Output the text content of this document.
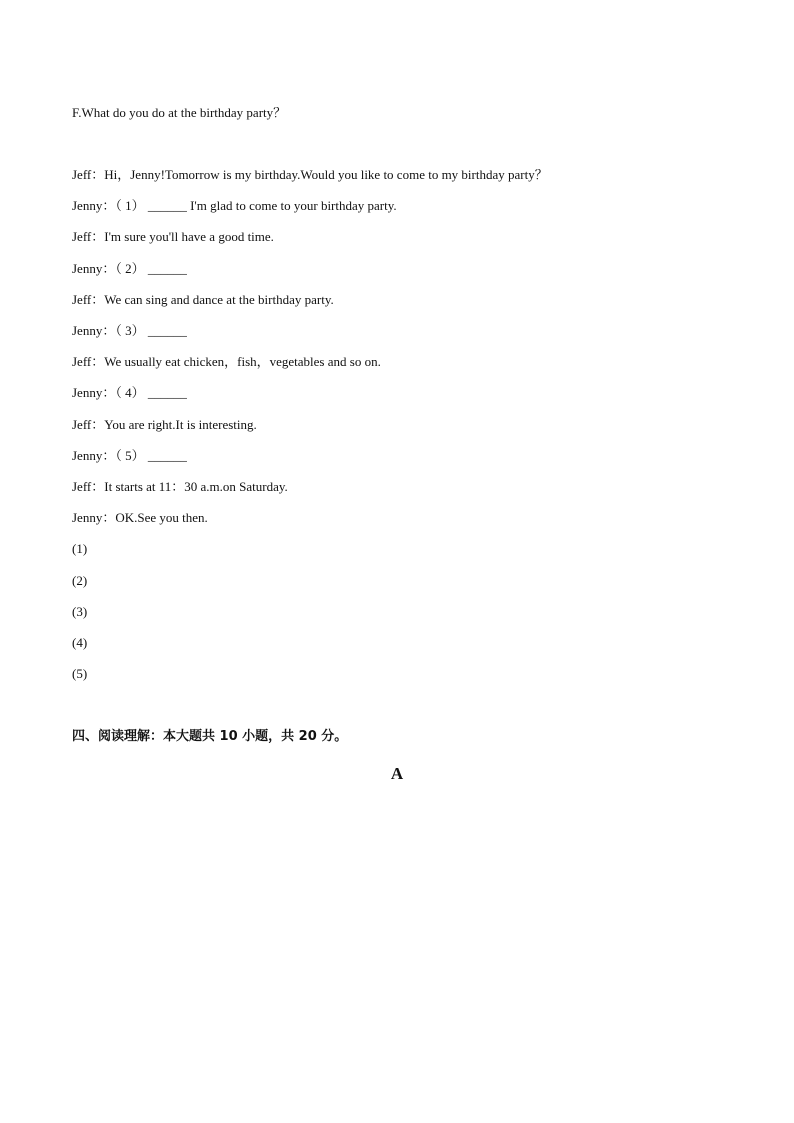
F.What do you do at the birthday party？
Jeff：Hi，Jenny!Tomorrow is my birthday.Would you like to come to my birthday party？
Jenny：（ 1） ______ I'm glad to come to your birthday party.
Jeff：I'm sure you'll have a good time.
Jenny：（ 2） ______
Jeff：We can sing and dance at the birthday party.
Jenny：（ 3） ______
Jeff：We usually eat chicken，fish，vegetables and so on.
Jenny：（ 4） ______
Jeff：You are right.It is interesting.
Jenny：（ 5） ______
Jeff：It starts at 11：30 a.m.on Saturday.
Jenny：OK.See you then.
(1)
(2)
(3)
(4)
(5)
四、阅读理解：本大题共 10 小题，共 20 分。
A
